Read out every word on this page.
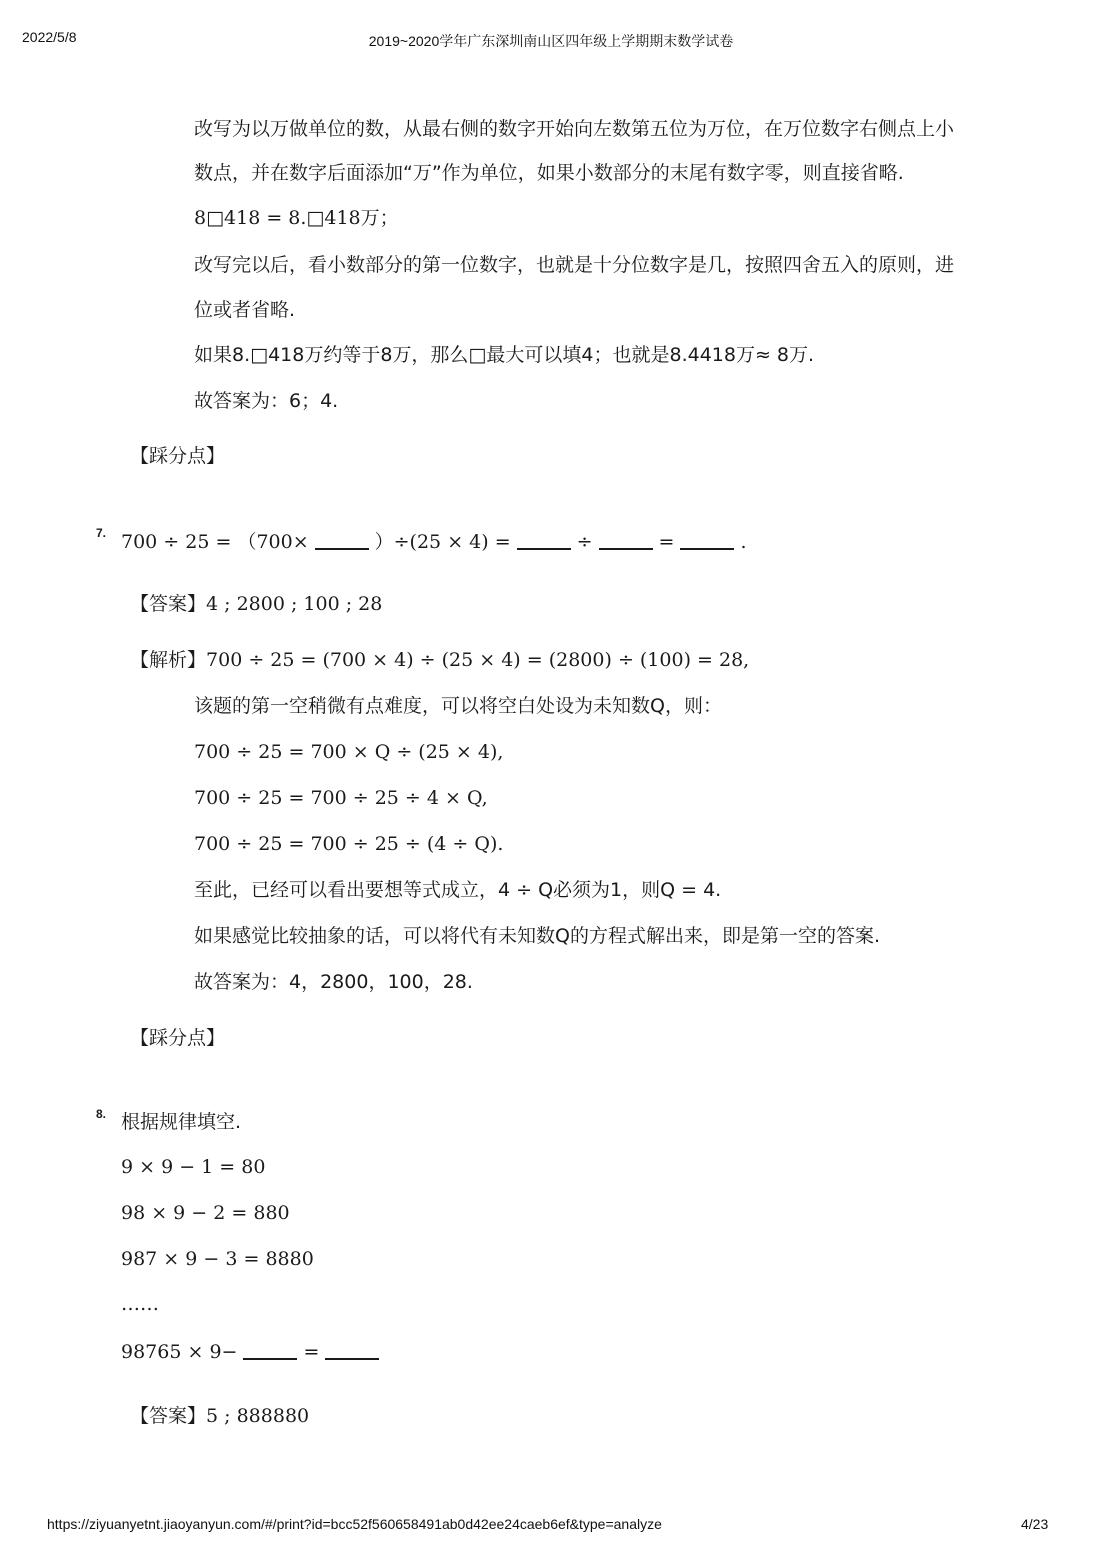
2022/5/8	2019~2020学年广东深圳南山区四年级上学期期末数学试卷
改写为以万做单位的数，从最右侧的数字开始向左数第五位为万位，在万位数字右侧点上小
数点，并在数字后面添加“万”作为单位，如果小数部分的末尾有数字零，则直接省略.
8□418 = 8.□418万；
改写完以后，看小数部分的第一位数字，也就是十分位数字是几，按照四舍五入的原则，进
位或者省略.
如果8.□418万约等于8万，那么□最大可以填4；也就是8.4418万≈ 8万.
故答案为：6；4.
【踩分点】
7. 700 ÷ 25 = （700×	）÷(25 × 4) =	÷	=	.
【答案】4 ; 2800 ; 100 ; 28
【解析】700 ÷ 25 = (700 × 4) ÷ (25 × 4) = (2800) ÷ (100) = 28,
该题的第一空稍微有点难度，可以将空白处设为未知数Q，则：
700 ÷ 25 = 700 × Q ÷ (25 × 4),
700 ÷ 25 = 700 ÷ 25 ÷ 4 × Q,
700 ÷ 25 = 700 ÷ 25 ÷ (4 ÷ Q).
至此，已经可以看出要想等式成立，4 ÷ Q必须为1，则Q = 4.
如果感觉比较抽象的话，可以将代有未知数Q的方程式解出来，即是第一空的答案.
故答案为：4，2800，100，28.
【踩分点】
8. 根据规律填空.
9 × 9 − 1 = 80
98 × 9 − 2 = 880
987 × 9 − 3 = 8880
……
98765 × 9−	=
【答案】5 ; 888880
https://ziyuanyetnt.jiaoyanyun.com/#/print?id=bcc52f560658491ab0d42ee24caeb6ef&type=analyze	4/23
